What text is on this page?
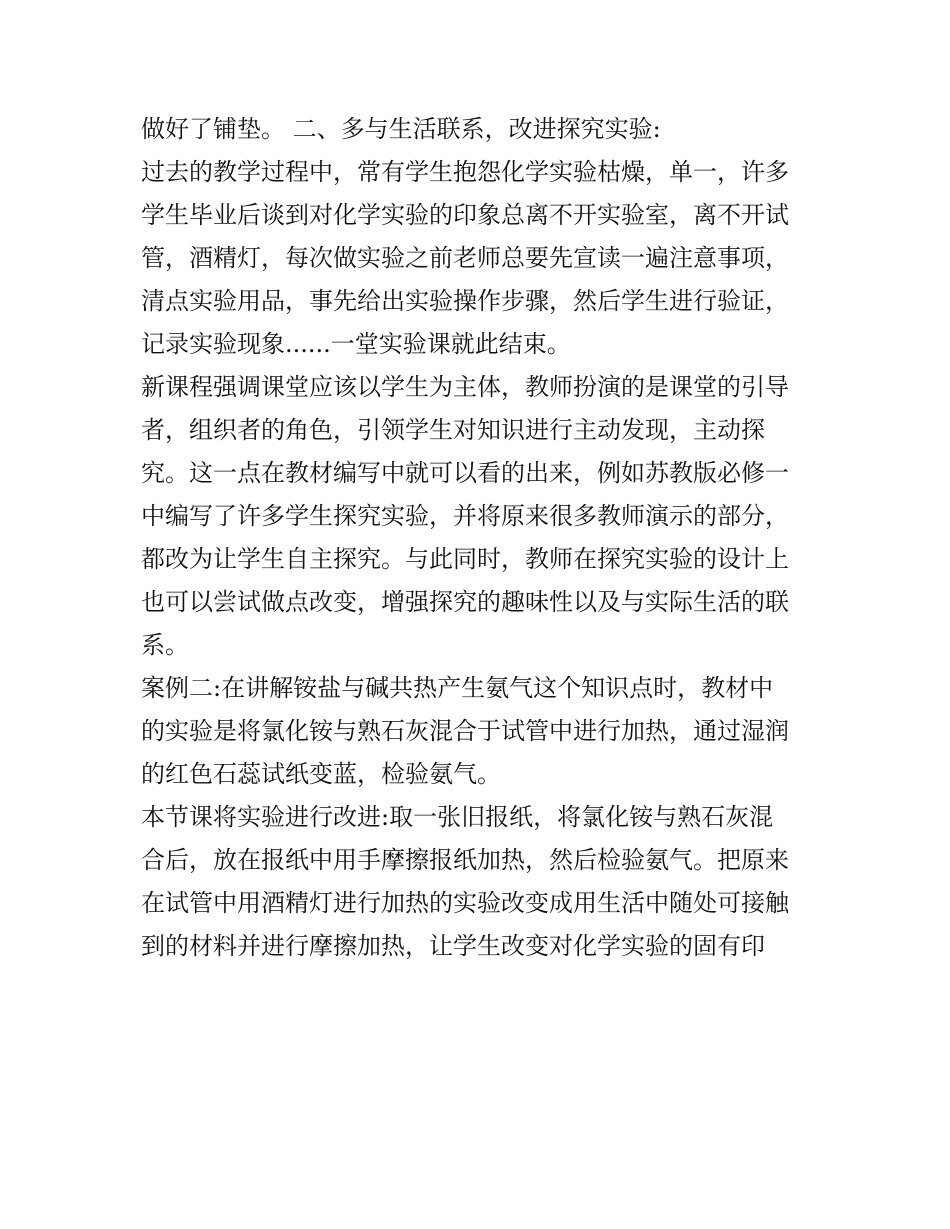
做好了铺垫。 二、多与生活联系，改进探究实验:
过去的教学过程中，常有学生抱怨化学实验枯燥，单一，许多
学生毕业后谈到对化学实验的印象总离不开实验室，离不开试
管，酒精灯，每次做实验之前老师总要先宣读一遍注意事项，
清点实验用品，事先给出实验操作步骤，然后学生进行验证，
记录实验现象......一堂实验课就此结束。
新课程强调课堂应该以学生为主体，教师扮演的是课堂的引导
者，组织者的角色，引领学生对知识进行主动发现，主动探
究。这一点在教材编写中就可以看的出来，例如苏教版必修一
中编写了许多学生探究实验，并将原来很多教师演示的部分，
都改为让学生自主探究。与此同时，教师在探究实验的设计上
也可以尝试做点改变，增强探究的趣味性以及与实际生活的联
系。
案例二:在讲解铵盐与碱共热产生氨气这个知识点时，教材中
的实验是将氯化铵与熟石灰混合于试管中进行加热，通过湿润
的红色石蕊试纸变蓝，检验氨气。
本节课将实验进行改进:取一张旧报纸，将氯化铵与熟石灰混
合后，放在报纸中用手摩擦报纸加热，然后检验氨气。把原来
在试管中用酒精灯进行加热的实验改变成用生活中随处可接触
到的材料并进行摩擦加热，让学生改变对化学实验的固有印
